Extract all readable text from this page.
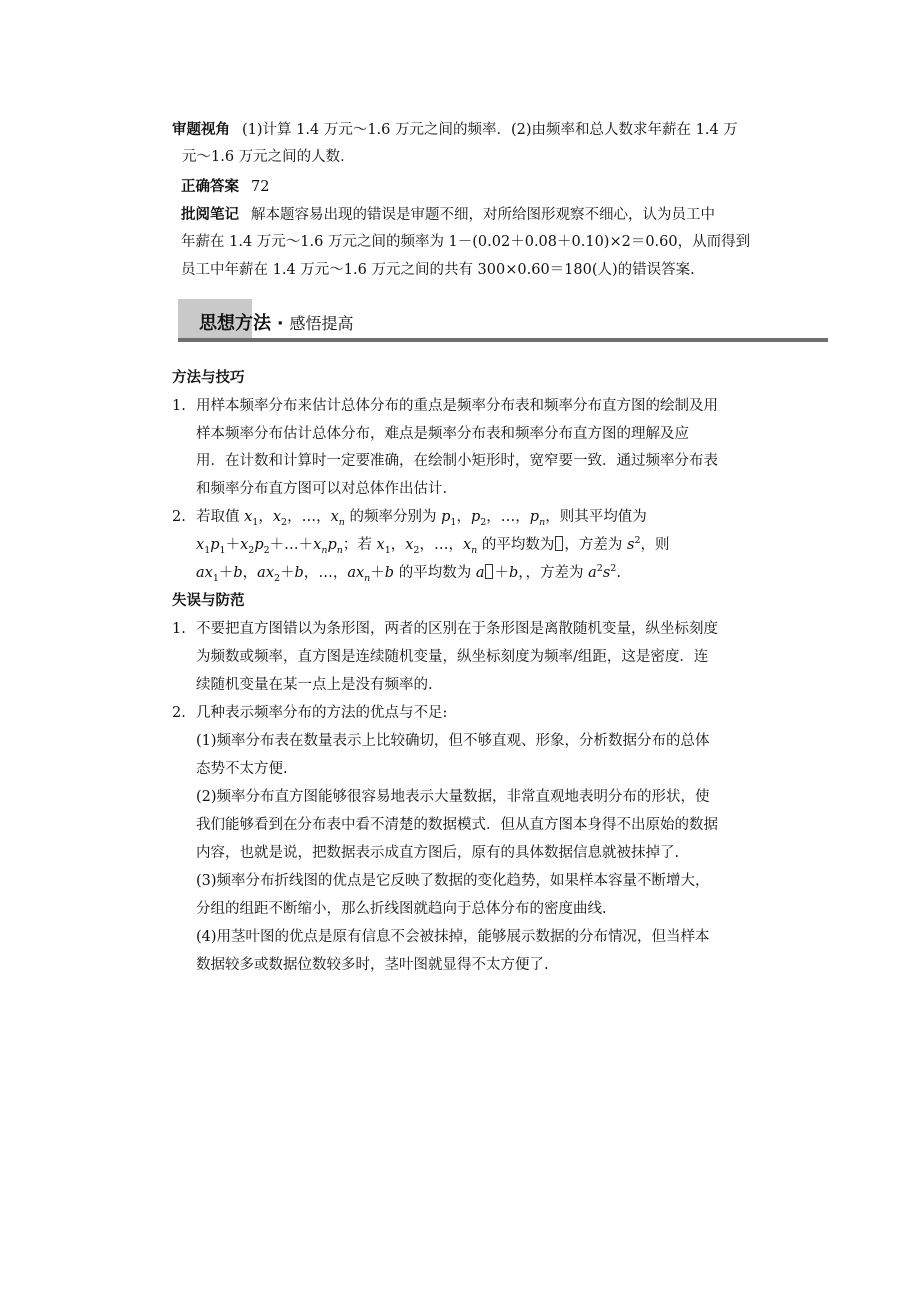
审题视角 (1)计算 1.4 万元～1.6 万元之间的频率．(2)由频率和总人数求年薪在 1.4 万
元～1.6 万元之间的人数．
正确答案 72
批阅笔记 解本题容易出现的错误是审题不细，对所给图形观察不细心，认为员工中
年薪在 1.4 万元～1.6 万元之间的频率为 1－(0.02＋0.08＋0.10)×2＝0.60，从而得到
员工中年薪在 1.4 万元～1.6 万元之间的共有 300×0.60＝180(人)的错误答案.
思想方法 · 感悟提高
方法与技巧
1. 用样本频率分布来估计总体分布的重点是频率分布表和频率分布直方图的绘制及用
样本频率分布估计总体分布，难点是频率分布表和频率分布直方图的理解及应
用．在计数和计算时一定要准确，在绘制小矩形时，宽窄要一致．通过频率分布表
和频率分布直方图可以对总体作出估计.
2. 若取值 $x_1$，$x_2$，…，$x_n$ 的频率分别为 $p_1$，$p_2$，…，$p_n$，则其平均值为
$x_1p_1+x_2p_2+\dots+x_np_n$；若 $x_1$，$x_2$，…，$x_n$ 的平均数为 ，方差为 $s^2$，则
$ax_1+b$，$ax_2+b$，…，$ax_n+b$ 的平均数为 a ＋b，，方差为 $a^2s^2$.
失误与防范
1. 不要把直方图错以为条形图，两者的区别在于条形图是离散随机变量，纵坐标刻度
为频数或频率，直方图是连续随机变量，纵坐标刻度为频率/组距，这是密度．连
续随机变量在某一点上是没有频率的.
2. 几种表示频率分布的方法的优点与不足:
(1)频率分布表在数量表示上比较确切，但不够直观、形象，分析数据分布的总体
态势不太方便.
(2)频率分布直方图能够很容易地表示大量数据，非常直观地表明分布的形状，使
我们能够看到在分布表中看不清楚的数据模式．但从直方图本身得不出原始的数据
内容，也就是说，把数据表示成直方图后，原有的具体数据信息就被抹掉了.
(3)频率分布折线图的优点是它反映了数据的变化趋势，如果样本容量不断增大，
分组的组距不断缩小，那么折线图就趋向于总体分布的密度曲线.
(4)用茎叶图的优点是原有信息不会被抹掉，能够展示数据的分布情况，但当样本
数据较多或数据位数较多时，茎叶图就显得不太方便了.
